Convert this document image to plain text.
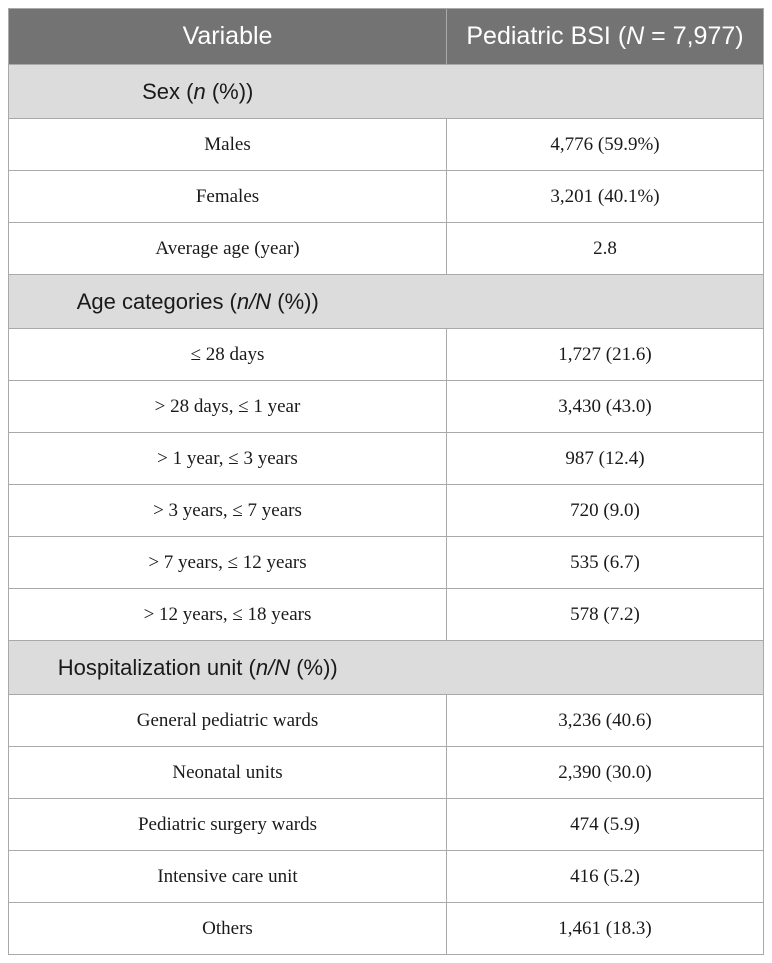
Variable	Pediatric BSI (N = 7,977)
Sex (n (%))	
Males	4,776 (59.9%)
Females	3,201 (40.1%)
Average age (year)	2.8
Age categories (n/N (%))	
≤ 28 days	1,727 (21.6)
> 28 days, ≤ 1 year	3,430 (43.0)
> 1 year, ≤ 3 years	987 (12.4)
> 3 years, ≤ 7 years	720 (9.0)
> 7 years, ≤ 12 years	535 (6.7)
> 12 years, ≤ 18 years	578 (7.2)
Hospitalization unit (n/N (%))	
General pediatric wards	3,236 (40.6)
Neonatal units	2,390 (30.0)
Pediatric surgery wards	474 (5.9)
Intensive care unit	416 (5.2)
Others	1,461 (18.3)
